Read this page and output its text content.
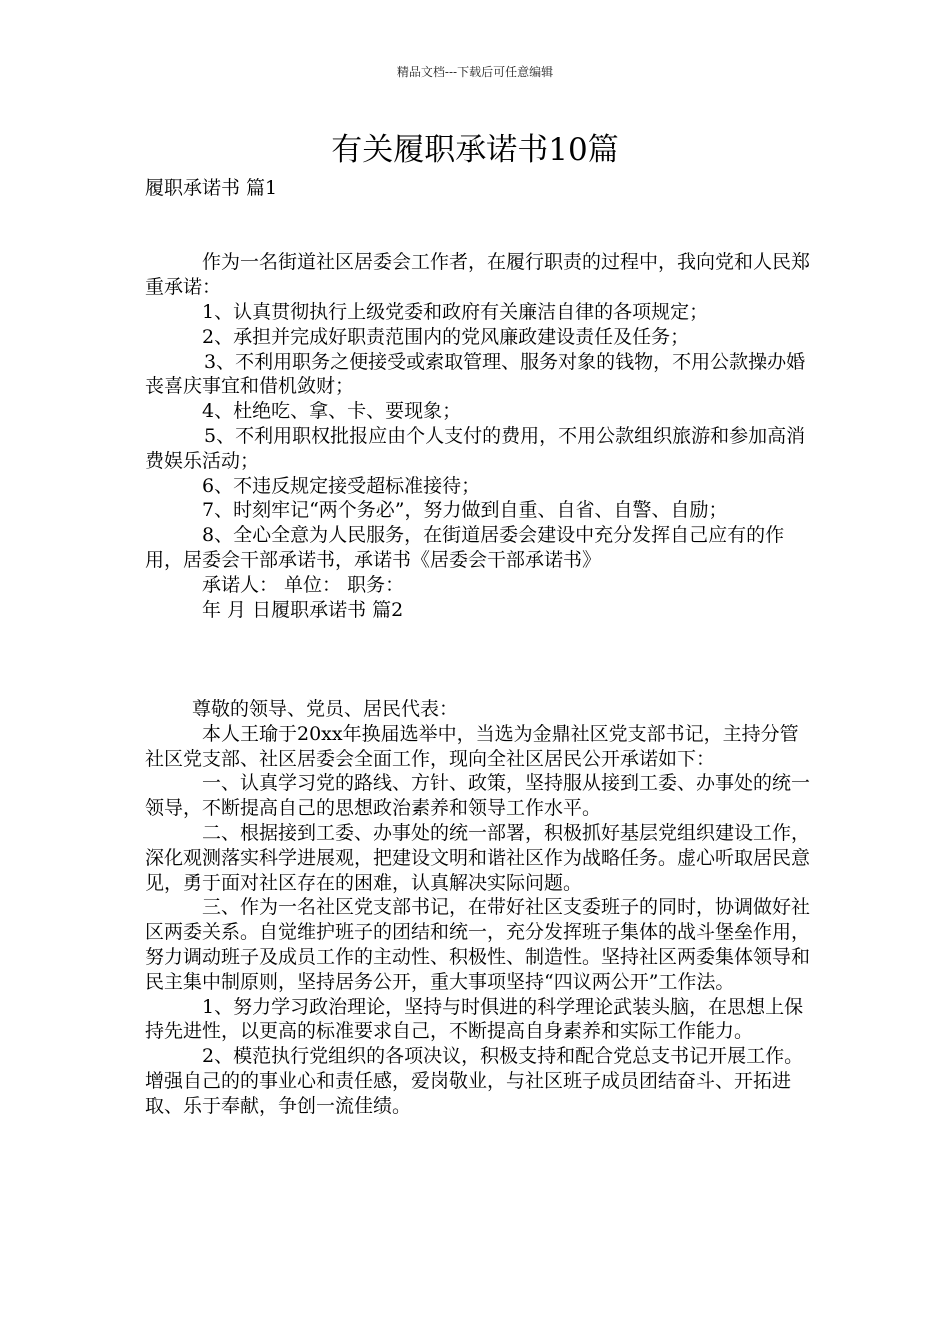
精品文档---下载后可任意编辑
有关履职承诺书10篇

履职承诺书 篇1

作为一名街道社区居委会工作者，在履行职责的过程中，我向党和人民郑重承诺：

1、认真贯彻执行上级党委和政府有关廉洁自律的各项规定；

2、承担并完成好职责范围内的党风廉政建设责任及任务；

3、不利用职务之便接受或索取管理、服务对象的钱物，不用公款操办婚丧喜庆事宜和借机敛财；

4、杜绝吃、拿、卡、要现象；

5、不利用职权批报应由个人支付的费用，不用公款组织旅游和参加高消费娱乐活动；

6、不违反规定接受超标准接待；

7、时刻牢记“两个务必”，努力做到自重、自省、自警、自励；

8、全心全意为人民服务，在街道居委会建设中充分发挥自己应有的作用，居委会干部承诺书，承诺书《居委会干部承诺书》

承诺人： 单位： 职务：

年 月 日履职承诺书 篇2

尊敬的领导、党员、居民代表：

本人王瑜于20xx年换届选举中，当选为金鼎社区党支部书记，主持分管社区党支部、社区居委会全面工作，现向全社区居民公开承诺如下：

一、认真学习党的路线、方针、政策，坚持服从接到工委、办事处的统一领导，不断提高自己的思想政治素养和领导工作水平。

二、根据接到工委、办事处的统一部署，积极抓好基层党组织建设工作，深化观测落实科学进展观，把建设文明和谐社区作为战略任务。虚心听取居民意见，勇于面对社区存在的困难，认真解决实际问题。

三、作为一名社区党支部书记，在带好社区支委班子的同时，协调做好社区两委关系。自觉维护班子的团结和统一，充分发挥班子集体的战斗堡垒作用，努力调动班子及成员工作的主动性、积极性、制造性。坚持社区两委集体领导和民主集中制原则，坚持居务公开，重大事项坚持“四议两公开”工作法。

1、努力学习政治理论，坚持与时俱进的科学理论武装头脑，在思想上保持先进性，以更高的标准要求自己，不断提高自身素养和实际工作能力。

2、模范执行党组织的各项决议，积极支持和配合党总支书记开展工作。增强自己的的事业心和责任感，爱岗敬业，与社区班子成员团结奋斗、开拓进取、乐于奉献，争创一流佳绩。
